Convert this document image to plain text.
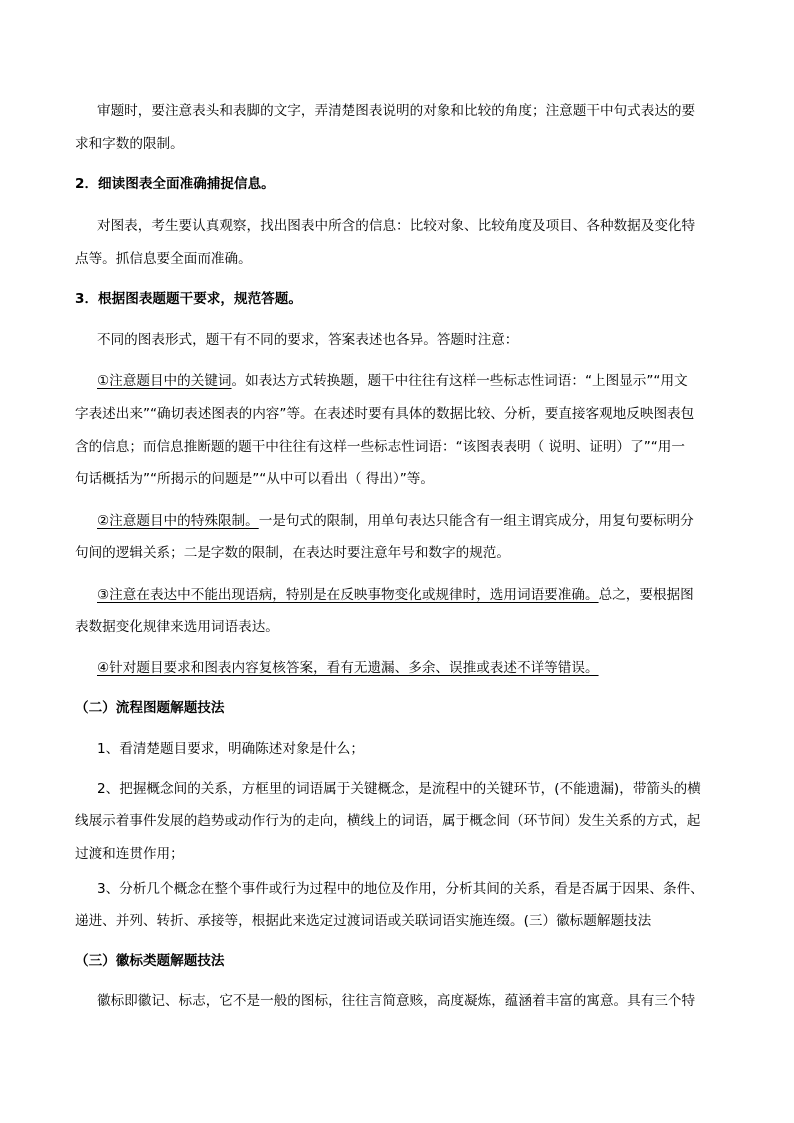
审题时，要注意表头和表脚的文字，弄清楚图表说明的对象和比较的角度；注意题干中句式表达的要
求和字数的限制。
2．细读图表全面准确捕捉信息。
对图表，考生要认真观察，找出图表中所含的信息：比较对象、比较角度及项目、各种数据及变化特
点等。抓信息要全面而准确。
3．根据图表题题干要求，规范答题。
不同的图表形式，题干有不同的要求，答案表述也各异。答题时注意：
①注意题目中的关键词。如表达方式转换题，题干中往往有这样一些标志性词语：“上图显示”“用文
字表述出来”“确切表述图表的内容”等。在表述时要有具体的数据比较、分析，要直接客观地反映图表包
含的信息；而信息推断题的题干中往往有这样一些标志性词语：“该图表表明（ 说明、证明）了”“用一
句话概括为”“所揭示的问题是”“从中可以看出（ 得出）”等。
②注意题目中的特殊限制。一是句式的限制，用单句表达只能含有一组主谓宾成分，用复句要标明分
句间的逻辑关系；二是字数的限制，在表达时要注意年号和数字的规范。
③注意在表达中不能出现语病，特别是在反映事物变化或规律时，选用词语要准确。总之，要根据图
表数据变化规律来选用词语表达。
④针对题目要求和图表内容复核答案，看有无遗漏、多余、误推或表述不详等错误。
（二）流程图题解题技法
1、看清楚题目要求，明确陈述对象是什么；
2、把握概念间的关系，方框里的词语属于关键概念，是流程中的关键环节，(不能遗漏)，带箭头的横
线展示着事件发展的趋势或动作行为的走向，横线上的词语，属于概念间（环节间）发生关系的方式，起
过渡和连贯作用；
3、分析几个概念在整个事件或行为过程中的地位及作用，分析其间的关系，看是否属于因果、条件、
递进、并列、转折、承接等，根据此来选定过渡词语或关联词语实施连缀。(三）徽标题解题技法
（三）徽标类题解题技法
徽标即徽记、标志，它不是一般的图标，往往言简意赅，高度凝炼，蕴涵着丰富的寓意。具有三个特
